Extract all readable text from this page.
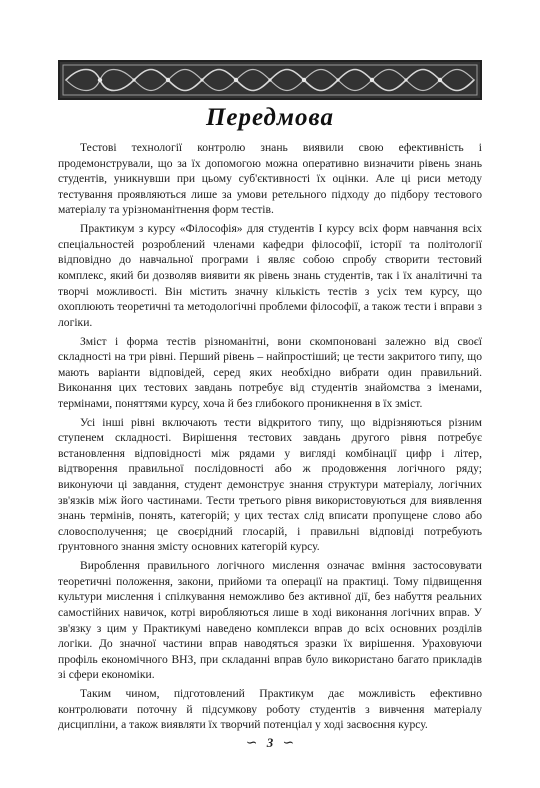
Передмова

Тестові технології контролю знань виявили свою ефективність і продемонстрували, що за їх допомогою можна оперативно визначити рівень знань студентів, уникнувши при цьому суб'єктивності їх оцінки. Але ці риси методу тестування проявляються лише за умови ретельного підходу до підбору тестового матеріалу та урізноманітнення форм тестів.

Практикум з курсу «Філософія» для студентів І курсу всіх форм навчання всіх спеціальностей розроблений членами кафедри філософії, історії та політології відповідно до навчальної програми і являє собою спробу створити тестовий комплекс, який би дозволяв виявити як рівень знань студентів, так і їх аналітичні та творчі можливості. Він містить значну кількість тестів з усіх тем курсу, що охоплюють теоретичні та методологічні проблеми філософії, а також тести і вправи з логіки.

Зміст і форма тестів різноманітні, вони скомпоновані залежно від своєї складності на три рівні. Перший рівень – найпростіший; це тести закритого типу, що мають варіанти відповідей, серед яких необхідно вибрати один правильний. Виконання цих тестових завдань потребує від студентів знайомства з іменами, термінами, поняттями курсу, хоча й без глибокого проникнення в їх зміст.

Усі інші рівні включають тести відкритого типу, що відрізняються різним ступенем складності. Вирішення тестових завдань другого рівня потребує встановлення відповідності між рядами у вигляді комбінації цифр і літер, відтворення правильної послідовності або ж продовження логічного ряду; виконуючи ці завдання, студент демонструє знання структури матеріалу, логічних зв'язків між його частинами. Тести третього рівня використовуються для виявлення знань термінів, понять, категорій; у цих тестах слід вписати пропущене слово або словосполучення; це своєрідний глосарій, і правильні відповіді потребують ґрунтовного знання змісту основних категорій курсу.

Вироблення правильного логічного мислення означає вміння застосовувати теоретичні положення, закони, прийоми та операції на практиці. Тому підвищення культури мислення і спілкування неможливо без активної дії, без набуття реальних самостійних навичок, котрі виробляються лише в ході виконання логічних вправ. У зв'язку з цим у Практикумі наведено комплекси вправ до всіх основних розділів логіки. До значної частини вправ наводяться зразки їх вирішення. Ураховуючи профіль економічного ВНЗ, при складанні вправ було використано багато прикладів зі сфери економіки.

Таким чином, підготовлений Практикум дає можливість ефективно контролювати поточну й підсумкову роботу студентів з вивчення матеріалу дисципліни, а також виявляти їх творчий потенціал у ході засвоєння курсу.

∽ 3 ∽
